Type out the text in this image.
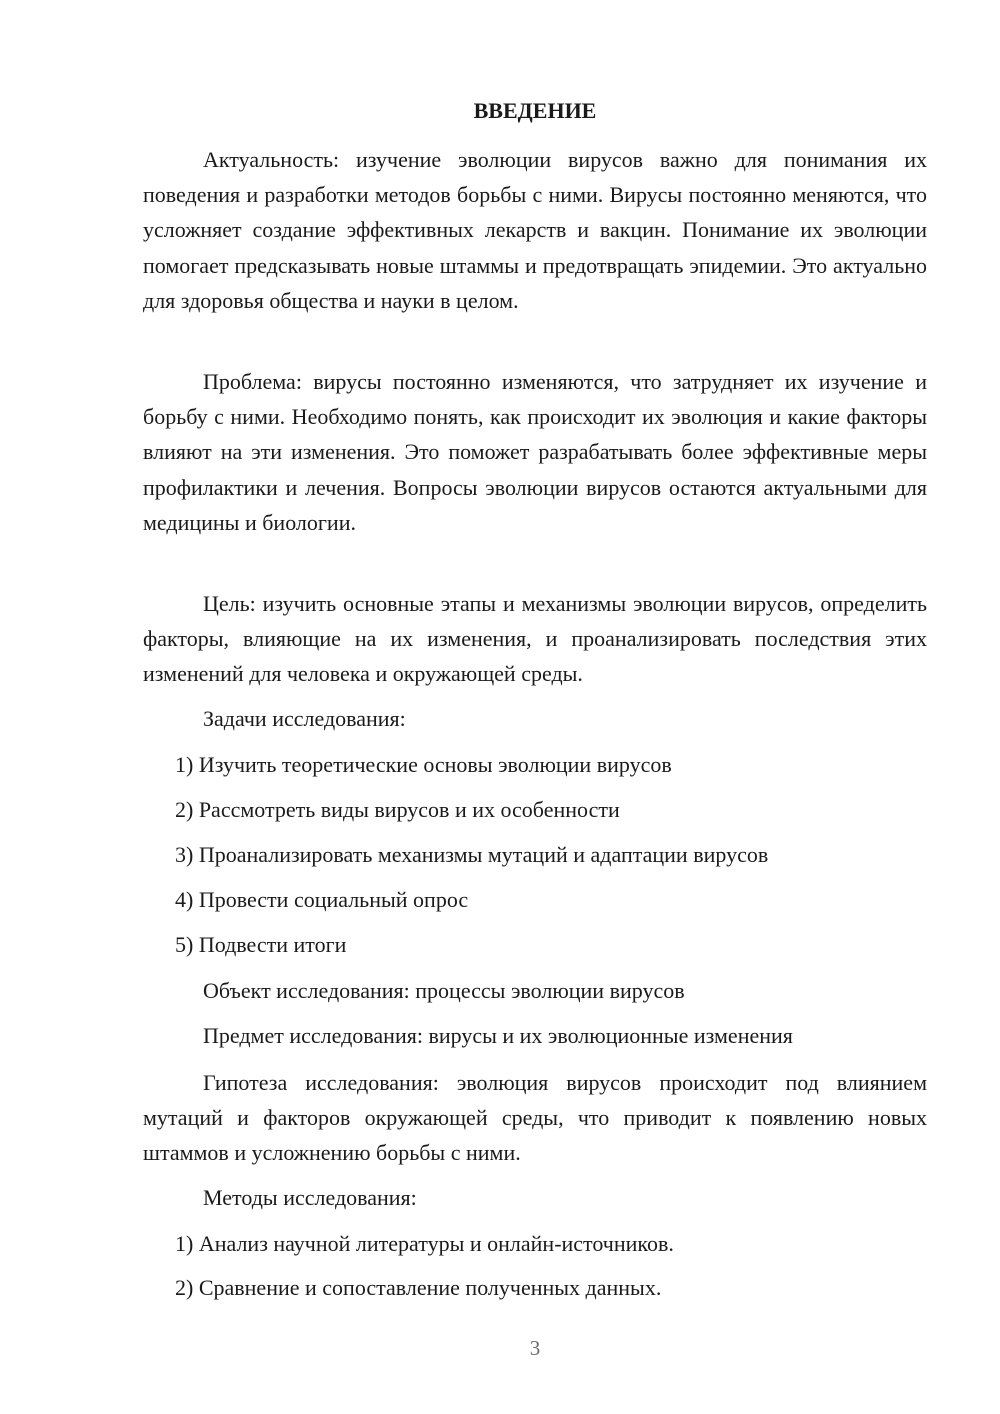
ВВЕДЕНИЕ

Актуальность: изучение эволюции вирусов важно для понимания их поведения и разработки методов борьбы с ними. Вирусы постоянно меняются, что усложняет создание эффективных лекарств и вакцин. Понимание их эволюции помогает предсказывать новые штаммы и предотвращать эпидемии. Это актуально для здоровья общества и науки в целом.

Проблема: вирусы постоянно изменяются, что затрудняет их изучение и борьбу с ними. Необходимо понять, как происходит их эволюция и какие факторы влияют на эти изменения. Это поможет разрабатывать более эффективные меры профилактики и лечения. Вопросы эволюции вирусов остаются актуальными для медицины и биологии.

Цель: изучить основные этапы и механизмы эволюции вирусов, определить факторы, влияющие на их изменения, и проанализировать последствия этих изменений для человека и окружающей среды.

Задачи исследования:

1) Изучить теоретические основы эволюции вирусов

2) Рассмотреть виды вирусов и их особенности

3) Проанализировать механизмы мутаций и адаптации вирусов

4) Провести социальный опрос

5) Подвести итоги

Объект исследования: процессы эволюции вирусов

Предмет исследования: вирусы и их эволюционные изменения

Гипотеза исследования: эволюция вирусов происходит под влиянием мутаций и факторов окружающей среды, что приводит к появлению новых штаммов и усложнению борьбы с ними.

Методы исследования:

1) Анализ научной литературы и онлайн-источников.

2) Сравнение и сопоставление полученных данных.

3
